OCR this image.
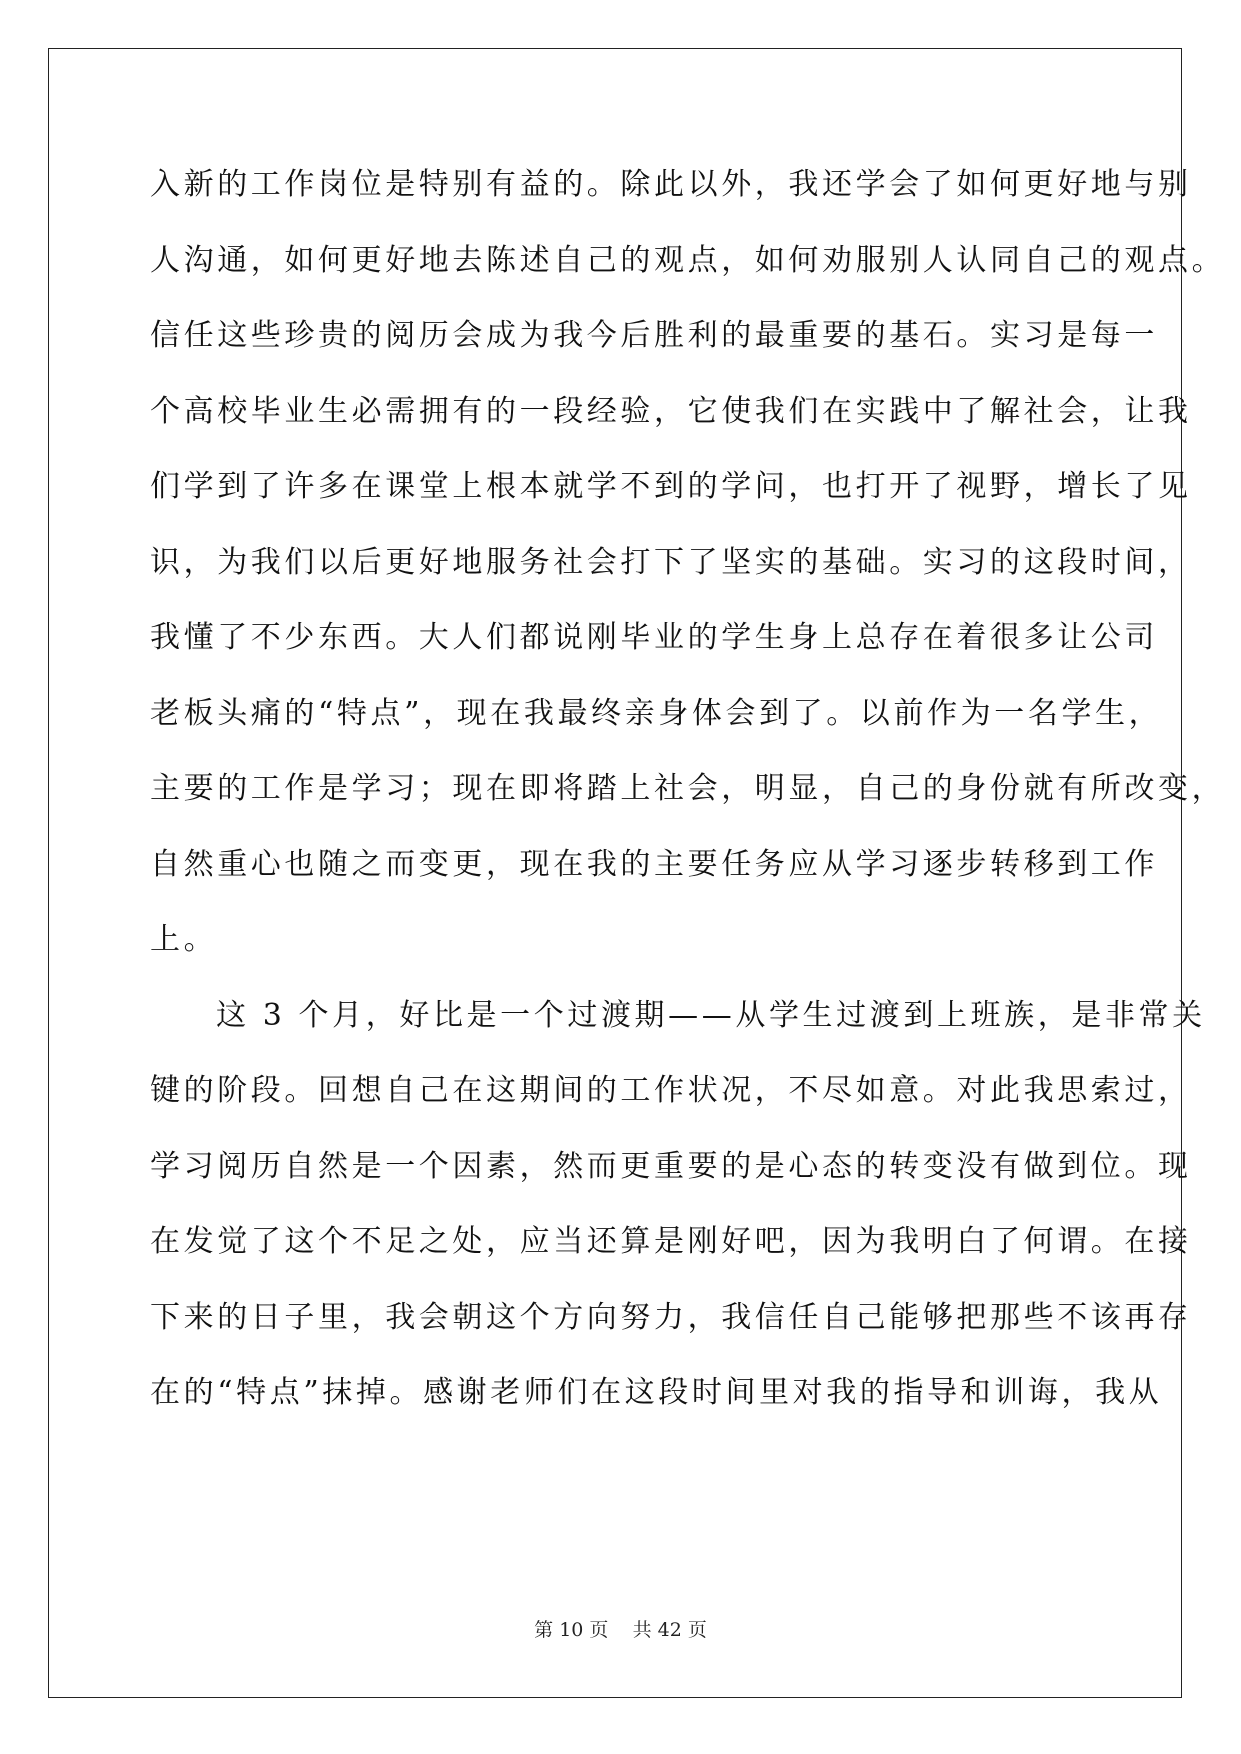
入新的工作岗位是特别有益的。除此以外，我还学会了如何更好地与别
人沟通，如何更好地去陈述自己的观点，如何劝服别人认同自己的观点。
信任这些珍贵的阅历会成为我今后胜利的最重要的基石。实习是每一
个高校毕业生必需拥有的一段经验，它使我们在实践中了解社会，让我
们学到了许多在课堂上根本就学不到的学问，也打开了视野，增长了见
识，为我们以后更好地服务社会打下了坚实的基础。实习的这段时间，
我懂了不少东西。大人们都说刚毕业的学生身上总存在着很多让公司
老板头痛的“特点”，现在我最终亲身体会到了。以前作为一名学生，
主要的工作是学习；现在即将踏上社会，明显，自己的身份就有所改变，
自然重心也随之而变更，现在我的主要任务应从学习逐步转移到工作
上。
这 3 个月，好比是一个过渡期——从学生过渡到上班族，是非常关
键的阶段。回想自己在这期间的工作状况，不尽如意。对此我思索过，
学习阅历自然是一个因素，然而更重要的是心态的转变没有做到位。现
在发觉了这个不足之处，应当还算是刚好吧，因为我明白了何谓。在接
下来的日子里，我会朝这个方向努力，我信任自己能够把那些不该再存
在的“特点”抹掉。感谢老师们在这段时间里对我的指导和训诲，我从
第 10 页    共 42 页
